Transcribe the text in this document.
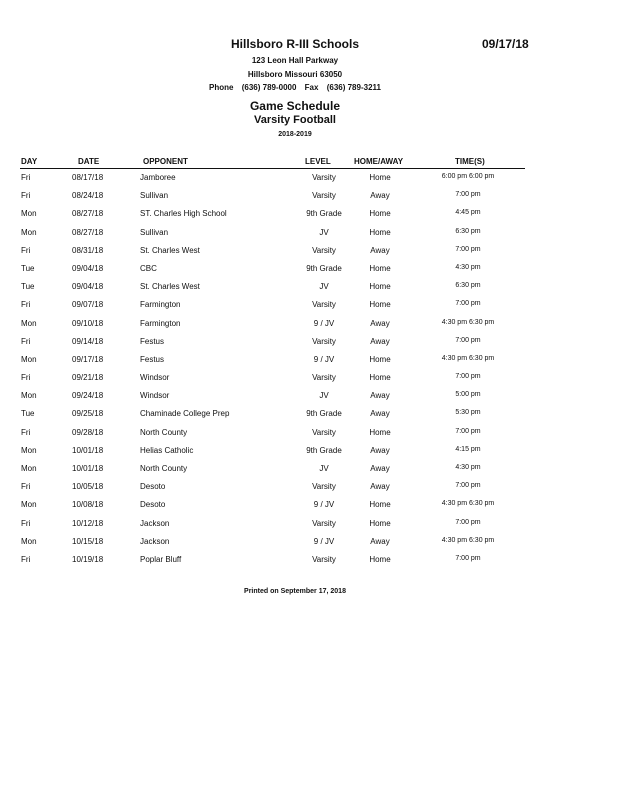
Hillsboro R-III Schools	09/17/18
123 Leon Hall Parkway
Hillsboro Missouri 63050
Phone (636) 789-0000 Fax (636) 789-3211
Game Schedule
Varsity Football
2018-2019
DAY	DATE	OPPONENT	LEVEL	HOME/AWAY	TIME(S)
Fri	08/17/18	Jamboree	Varsity	Home	6:00 pm 6:00 pm
Fri	08/24/18	Sullivan	Varsity	Away	7:00 pm
Mon	08/27/18	ST. Charles High School	9th Grade	Home	4:45 pm
Mon	08/27/18	Sullivan	JV	Home	6:30 pm
Fri	08/31/18	St. Charles West	Varsity	Away	7:00 pm
Tue	09/04/18	CBC	9th Grade	Home	4:30 pm
Tue	09/04/18	St. Charles West	JV	Home	6:30 pm
Fri	09/07/18	Farmington	Varsity	Home	7:00 pm
Mon	09/10/18	Farmington	9 / JV	Away	4:30 pm 6:30 pm
Fri	09/14/18	Festus	Varsity	Away	7:00 pm
Mon	09/17/18	Festus	9 / JV	Home	4:30 pm 6:30 pm
Fri	09/21/18	Windsor	Varsity	Home	7:00 pm
Mon	09/24/18	Windsor	JV	Away	5:00 pm
Tue	09/25/18	Chaminade College Prep	9th Grade	Away	5:30 pm
Fri	09/28/18	North County	Varsity	Home	7:00 pm
Mon	10/01/18	Helias Catholic	9th Grade	Away	4:15 pm
Mon	10/01/18	North County	JV	Away	4:30 pm
Fri	10/05/18	Desoto	Varsity	Away	7:00 pm
Mon	10/08/18	Desoto	9 / JV	Home	4:30 pm 6:30 pm
Fri	10/12/18	Jackson	Varsity	Home	7:00 pm
Mon	10/15/18	Jackson	9 / JV	Away	4:30 pm 6:30 pm
Fri	10/19/18	Poplar Bluff	Varsity	Home	7:00 pm
Printed on September 17, 2018
